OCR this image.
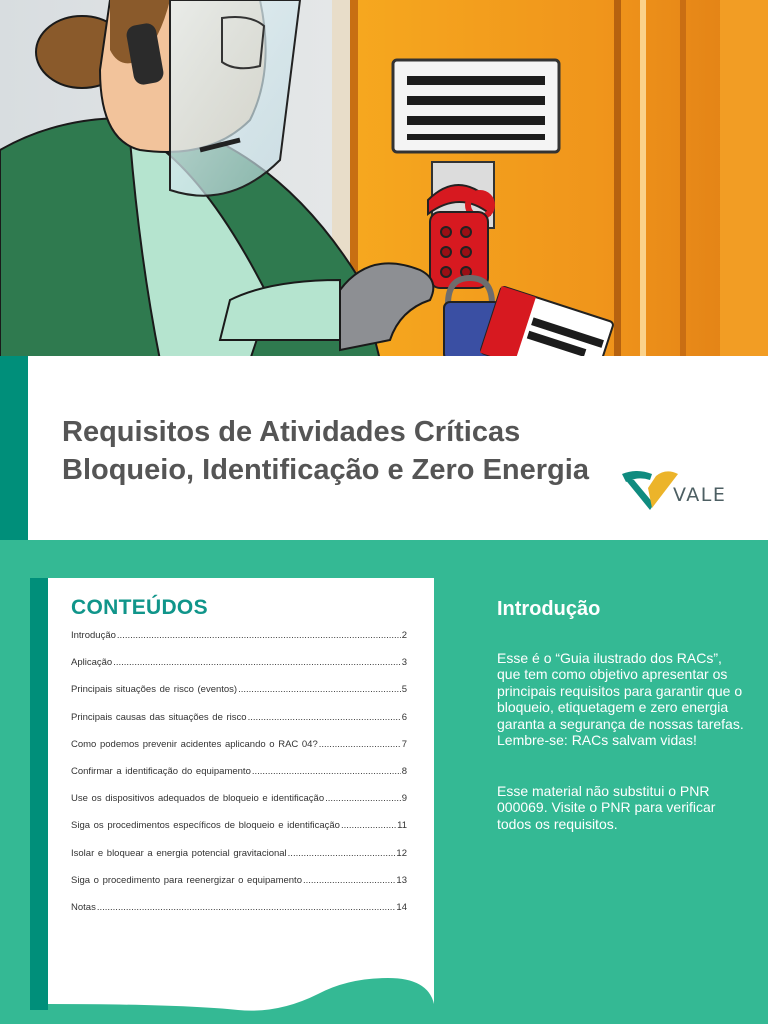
Requisitos de Atividades Críticas
Bloqueio, Identificação e Zero Energia
VALE
CONTEÚDOS
Introdução .....	2
Aplicação .....	3
Principais situações de risco (eventos) .....	5
Principais causas das situações de risco .....	6
Como podemos prevenir acidentes aplicando o RAC 04? .....	7
Confirmar a identificação do equipamento .....	8
Use os dispositivos adequados de bloqueio e identificação .....	9
Siga os procedimentos específicos de bloqueio e identificação .....	11
Isolar e bloquear a energia potencial gravitacional .....	12
Siga o procedimento para reenergizar o equipamento .....	13
Notas .....	14
Introdução

Esse é o “Guia ilustrado dos RACs”, que tem como objetivo apresentar os principais requisitos para garantir que o bloqueio, etiquetagem e zero energia garanta a segurança de nossas tarefas. Lembre-se: RACs salvam vidas!

Esse material não substitui o PNR 000069. Visite o PNR para verificar todos os requisitos.
